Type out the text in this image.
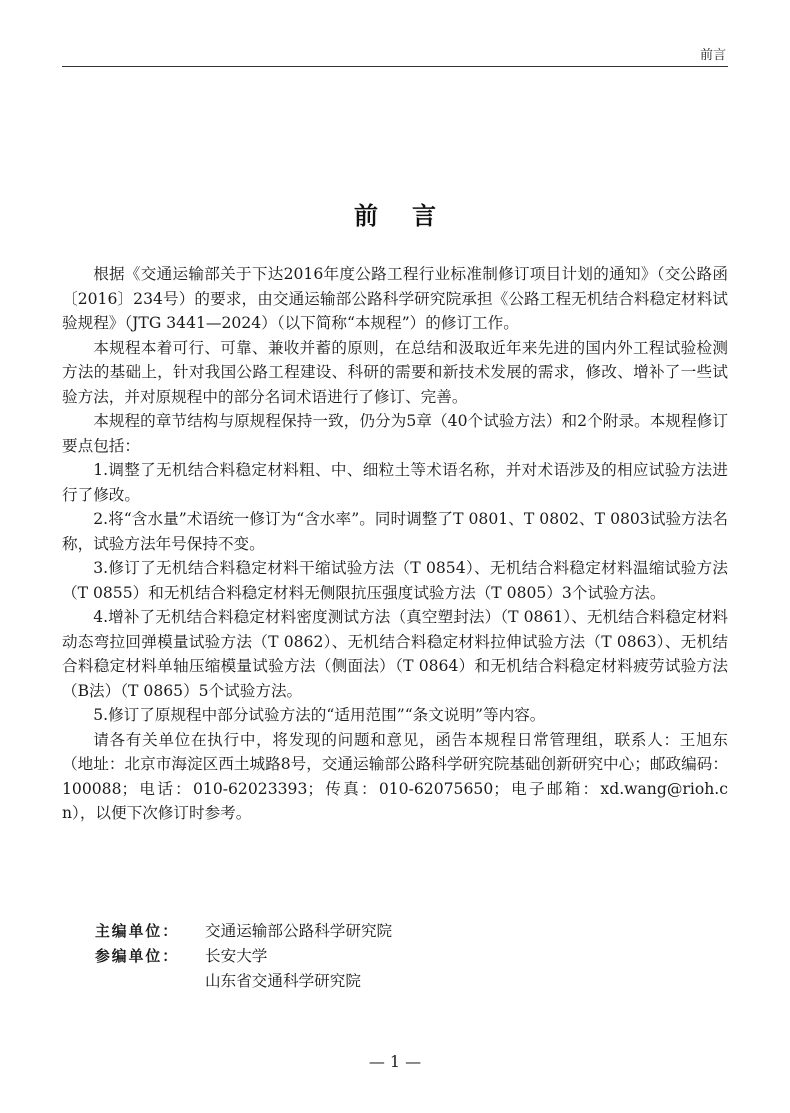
前言
前言

根据《交通运输部关于下达2016年度公路工程行业标准制修订项目计划的通知》（交公路函〔2016〕234号）的要求，由交通运输部公路科学研究院承担《公路工程无机结合料稳定材料试验规程》（JTG 3441—2024）（以下简称“本规程”）的修订工作。

本规程本着可行、可靠、兼收并蓄的原则，在总结和汲取近年来先进的国内外工程试验检测方法的基础上，针对我国公路工程建设、科研的需要和新技术发展的需求，修改、增补了一些试验方法，并对原规程中的部分名词术语进行了修订、完善。

本规程的章节结构与原规程保持一致，仍分为5章（40个试验方法）和2个附录。本规程修订要点包括：

1.调整了无机结合料稳定材料粗、中、细粒土等术语名称，并对术语涉及的相应试验方法进行了修改。

2.将“含水量”术语统一修订为“含水率”。同时调整了T 0801、T 0802、T 0803试验方法名称，试验方法年号保持不变。

3.修订了无机结合料稳定材料干缩试验方法（T 0854）、无机结合料稳定材料温缩试验方法（T 0855）和无机结合料稳定材料无侧限抗压强度试验方法（T 0805）3个试验方法。

4.增补了无机结合料稳定材料密度测试方法（真空塑封法）（T 0861）、无机结合料稳定材料动态弯拉回弹模量试验方法（T 0862）、无机结合料稳定材料拉伸试验方法（T 0863）、无机结合料稳定材料单轴压缩模量试验方法（侧面法）（T 0864）和无机结合料稳定材料疲劳试验方法（B法）（T 0865）5个试验方法。

5.修订了原规程中部分试验方法的“适用范围”“条文说明”等内容。

请各有关单位在执行中，将发现的问题和意见，函告本规程日常管理组，联系人：王旭东（地址：北京市海淀区西土城路8号，交通运输部公路科学研究院基础创新研究中心；邮政编码：100088；电话：010-62023393；传真：010-62075650；电子邮箱：xd.wang@rioh.cn），以便下次修订时参考。

主编单位：	交通运输部公路科学研究院
参编单位：	长安大学
山东省交通科学研究院
— 1 —
